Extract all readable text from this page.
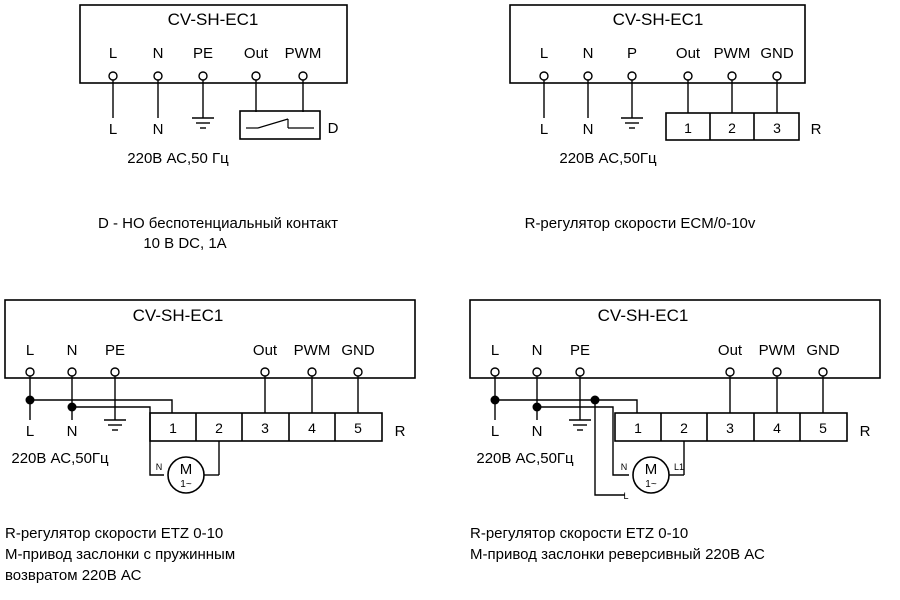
CV-SH-EC1
L N PE Out PWM
L N	D
220В АС,50 Гц
D - НО беспотенциальный контакт
10 В DC, 1А
CV-SH-EC1
L N P	Out PWM GND
L N	1	2	3 R
220В АС,50Гц
R-регулятор скорости ECM/0-10v
CV-SH-EC1
L N PE	Out PWM GND
L N	1	2	3	4	5 R
220В АС,50Гц
M
1~
N
R-регулятор скорости ETZ 0-10
М-привод заслонки с пружинным
возвратом 220В АС
CV-SH-EC1
L N PE	Out PWM GND
L N	1	2	3	4	5 R
220В АС,50Гц
M
1~
N	L1
L
R-регулятор скорости ETZ 0-10
М-привод заслонки реверсивный 220В АС
